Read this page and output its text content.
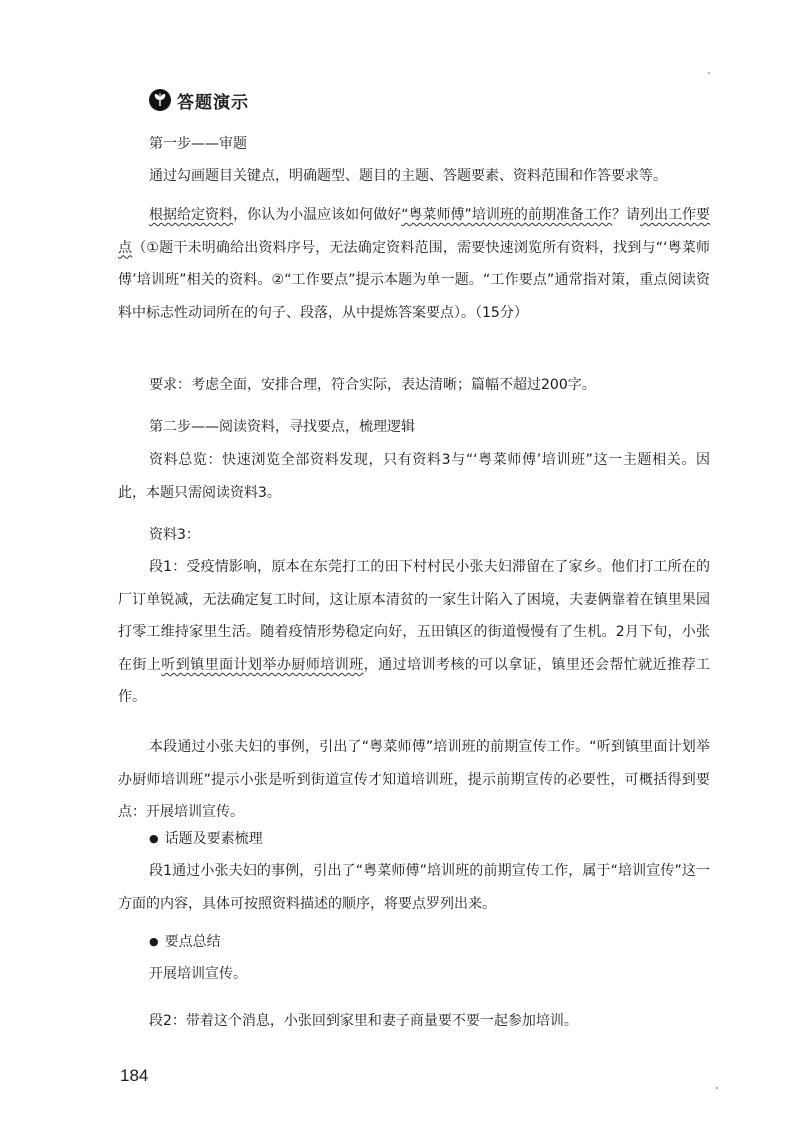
答题演示
第一步——审题
通过勾画题目关键点，明确题型、题目的主题、答题要素、资料范围和作答要求等。
根据给定资料，你认为小温应该如何做好“粤菜师傅”培训班的前期准备工作？请列出工作要点（①题干未明确给出资料序号，无法确定资料范围，需要快速浏览所有资料，找到与“‘粤菜师傅’培训班”相关的资料。②“工作要点”提示本题为单一题。“工作要点”通常指对策，重点阅读资料中标志性动词所在的句子、段落，从中提炼答案要点）。（15分）
要求：考虑全面，安排合理，符合实际，表达清晰；篇幅不超过200字。
第二步——阅读资料，寻找要点，梳理逻辑
资料总览：快速浏览全部资料发现，只有资料3与“‘粤菜师傅’培训班”这一主题相关。因此，本题只需阅读资料3。
资料3：
段1：受疫情影响，原本在东莞打工的田下村村民小张夫妇滞留在了家乡。他们打工所在的厂订单锐减，无法确定复工时间，这让原本清贫的一家生计陷入了困境，夫妻俩靠着在镇里果园打零工维持家里生活。随着疫情形势稳定向好，五田镇区的街道慢慢有了生机。2月下旬，小张在街上听到镇里面计划举办厨师培训班，通过培训考核的可以拿证，镇里还会帮忙就近推荐工作。
本段通过小张夫妇的事例，引出了“粤菜师傅”培训班的前期宣传工作。“听到镇里面计划举办厨师培训班”提示小张是听到街道宣传才知道培训班，提示前期宣传的必要性，可概括得到要点：开展培训宣传。
● 话题及要素梳理
段1通过小张夫妇的事例，引出了“粤菜师傅”培训班的前期宣传工作，属于“培训宣传”这一方面的内容，具体可按照资料描述的顺序，将要点罗列出来。
● 要点总结
开展培训宣传。
段2：带着这个消息，小张回到家里和妻子商量要不要一起参加培训。
184
